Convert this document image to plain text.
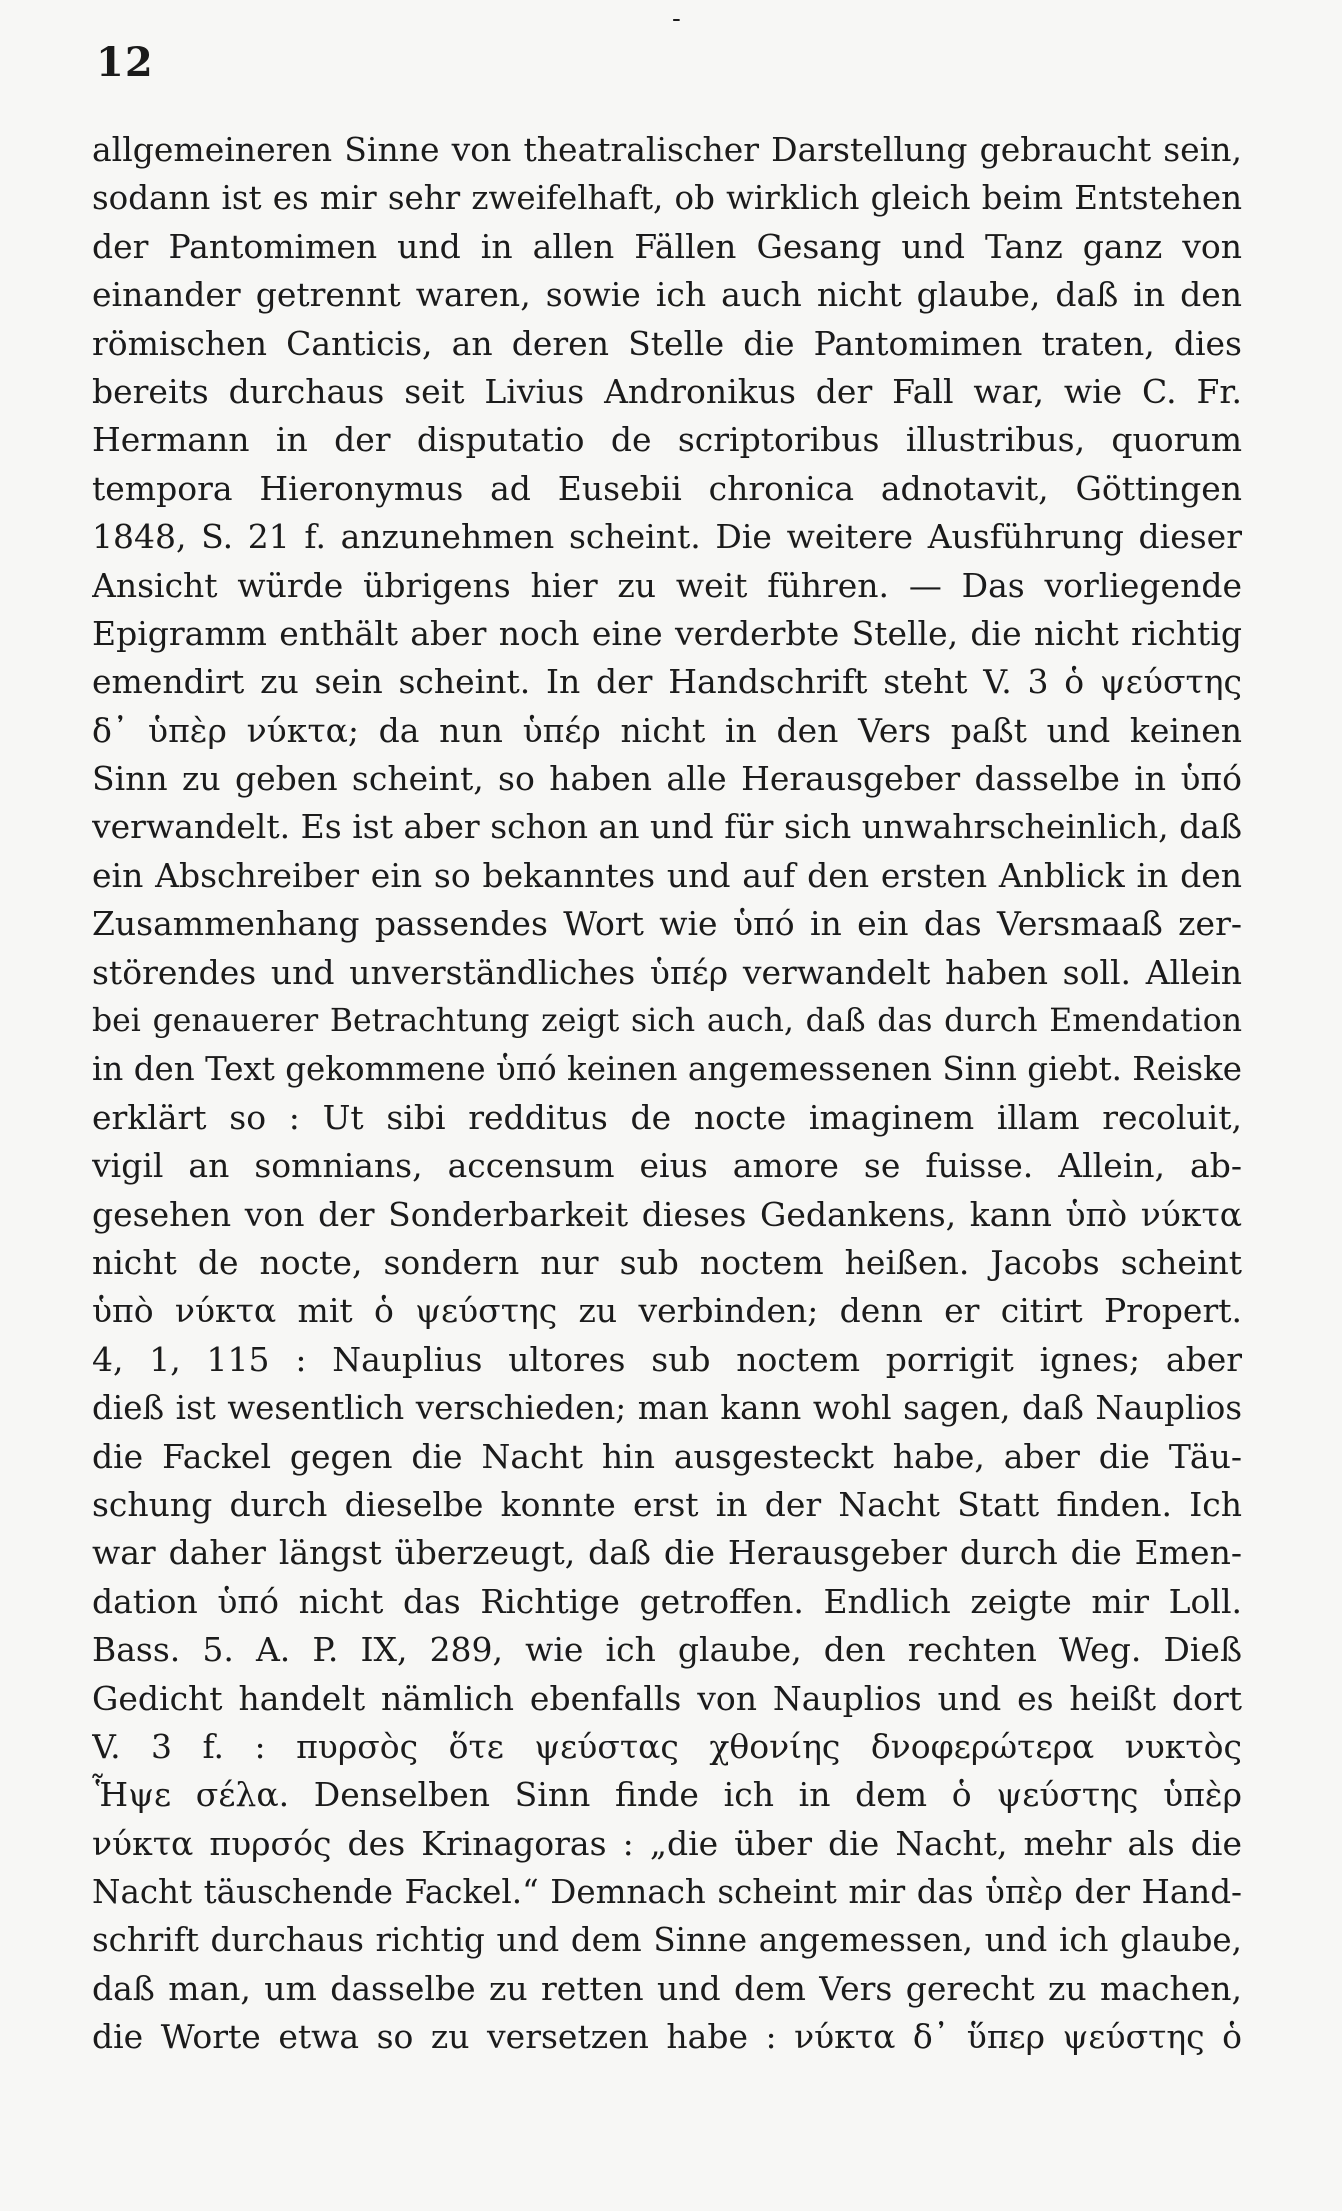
-
12
allgemeineren Sinne von theatralischer Darstellung gebraucht sein,
sodann ist es mir sehr zweifelhaft, ob wirklich gleich beim Entstehen
der Pantomimen und in allen Fällen Gesang und Tanz ganz von
einander getrennt waren, sowie ich auch nicht glaube, daß in den
römischen Canticis, an deren Stelle die Pantomimen traten, dies
bereits durchaus seit Livius Andronikus der Fall war, wie C. Fr.
Hermann in der disputatio de scriptoribus illustribus, quorum
tempora Hieronymus ad Eusebii chronica adnotavit, Göttingen
1848, S. 21 f. anzunehmen scheint. Die weitere Ausführung dieser
Ansicht würde übrigens hier zu weit führen. — Das vorliegende
Epigramm enthält aber noch eine verderbte Stelle, die nicht richtig
emendirt zu sein scheint. In der Handschrift steht V. 3 ὁ ψεύστης
δ᾽ ὑπὲρ νύκτα; da nun ὑπέρ nicht in den Vers paßt und keinen
Sinn zu geben scheint, so haben alle Herausgeber dasselbe in ὑπό
verwandelt. Es ist aber schon an und für sich unwahrscheinlich, daß
ein Abschreiber ein so bekanntes und auf den ersten Anblick in den
Zusammenhang passendes Wort wie ὑπό in ein das Versmaaß zer-
störendes und unverständliches ὑπέρ verwandelt haben soll. Allein
bei genauerer Betrachtung zeigt sich auch, daß das durch Emendation
in den Text gekommene ὑπό keinen angemessenen Sinn giebt. Reiske
erklärt so : Ut sibi redditus de nocte imaginem illam recoluit,
vigil an somnians, accensum eius amore se fuisse. Allein, ab-
gesehen von der Sonderbarkeit dieses Gedankens, kann ὑπὸ νύκτα
nicht de nocte, sondern nur sub noctem heißen. Jacobs scheint
ὑπὸ νύκτα mit ὁ ψεύστης zu verbinden; denn er citirt Propert.
4, 1, 115 : Nauplius ultores sub noctem porrigit ignes; aber
dieß ist wesentlich verschieden; man kann wohl sagen, daß Nauplios
die Fackel gegen die Nacht hin ausgesteckt habe, aber die Täu-
schung durch dieselbe konnte erst in der Nacht Statt finden. Ich
war daher längst überzeugt, daß die Herausgeber durch die Emen-
dation ὑπό nicht das Richtige getroffen. Endlich zeigte mir Loll.
Bass. 5. A. P. IX, 289, wie ich glaube, den rechten Weg. Dieß
Gedicht handelt nämlich ebenfalls von Nauplios und es heißt dort
V. 3 f. : πυρσὸς ὅτε ψεύστας χθονίης δνοφερώτερα νυκτὸς
Ἧψε σέλα. Denselben Sinn finde ich in dem ὁ ψεύστης ὑπὲρ
νύκτα πυρσός des Krinagoras : „die über die Nacht, mehr als die
Nacht täuschende Fackel.“ Demnach scheint mir das ὑπὲρ der Hand-
schrift durchaus richtig und dem Sinne angemessen, und ich glaube,
daß man, um dasselbe zu retten und dem Vers gerecht zu machen,
die Worte etwa so zu versetzen habe : νύκτα δ᾽ ὕπερ ψεύστης ὁ
